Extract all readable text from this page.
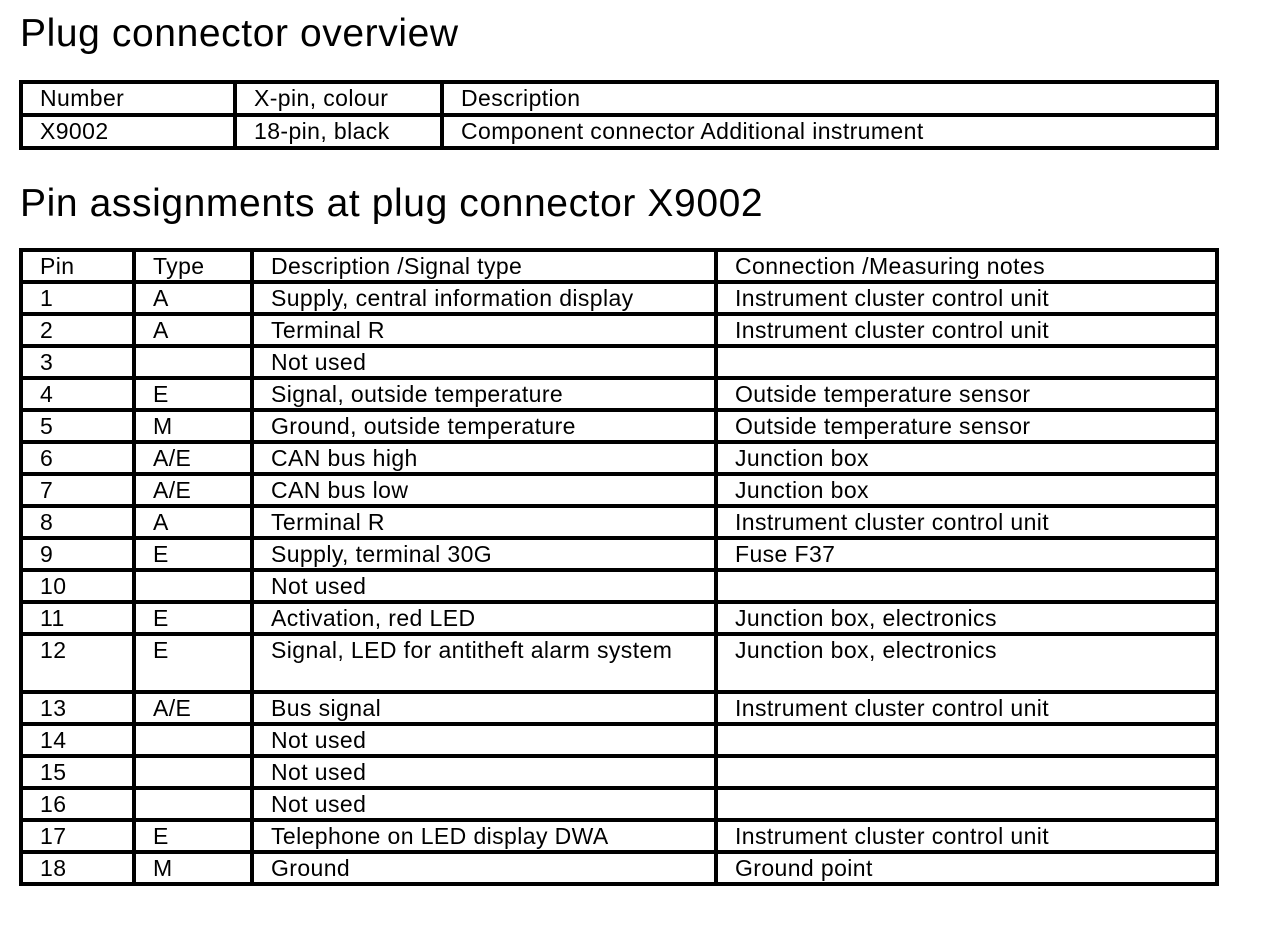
Plug connector overview
Number	X-pin, colour	Description
X9002	18-pin, black	Component connector Additional instrument
Pin assignments at plug connector X9002
Pin	Type	Description /Signal type	Connection /Measuring notes
1	A	Supply, central information display	Instrument cluster control unit
2	A	Terminal R	Instrument cluster control unit
3		Not used	
4	E	Signal, outside temperature	Outside temperature sensor
5	M	Ground, outside temperature	Outside temperature sensor
6	A/E	CAN bus high	Junction box
7	A/E	CAN bus low	Junction box
8	A	Terminal R	Instrument cluster control unit
9	E	Supply, terminal 30G	Fuse F37
10		Not used	
11	E	Activation, red LED	Junction box, electronics
12	E	Signal, LED for antitheft alarm system	Junction box, electronics
13	A/E	Bus signal	Instrument cluster control unit
14		Not used	
15		Not used	
16		Not used	
17	E	Telephone on LED display DWA	Instrument cluster control unit
18	M	Ground	Ground point
